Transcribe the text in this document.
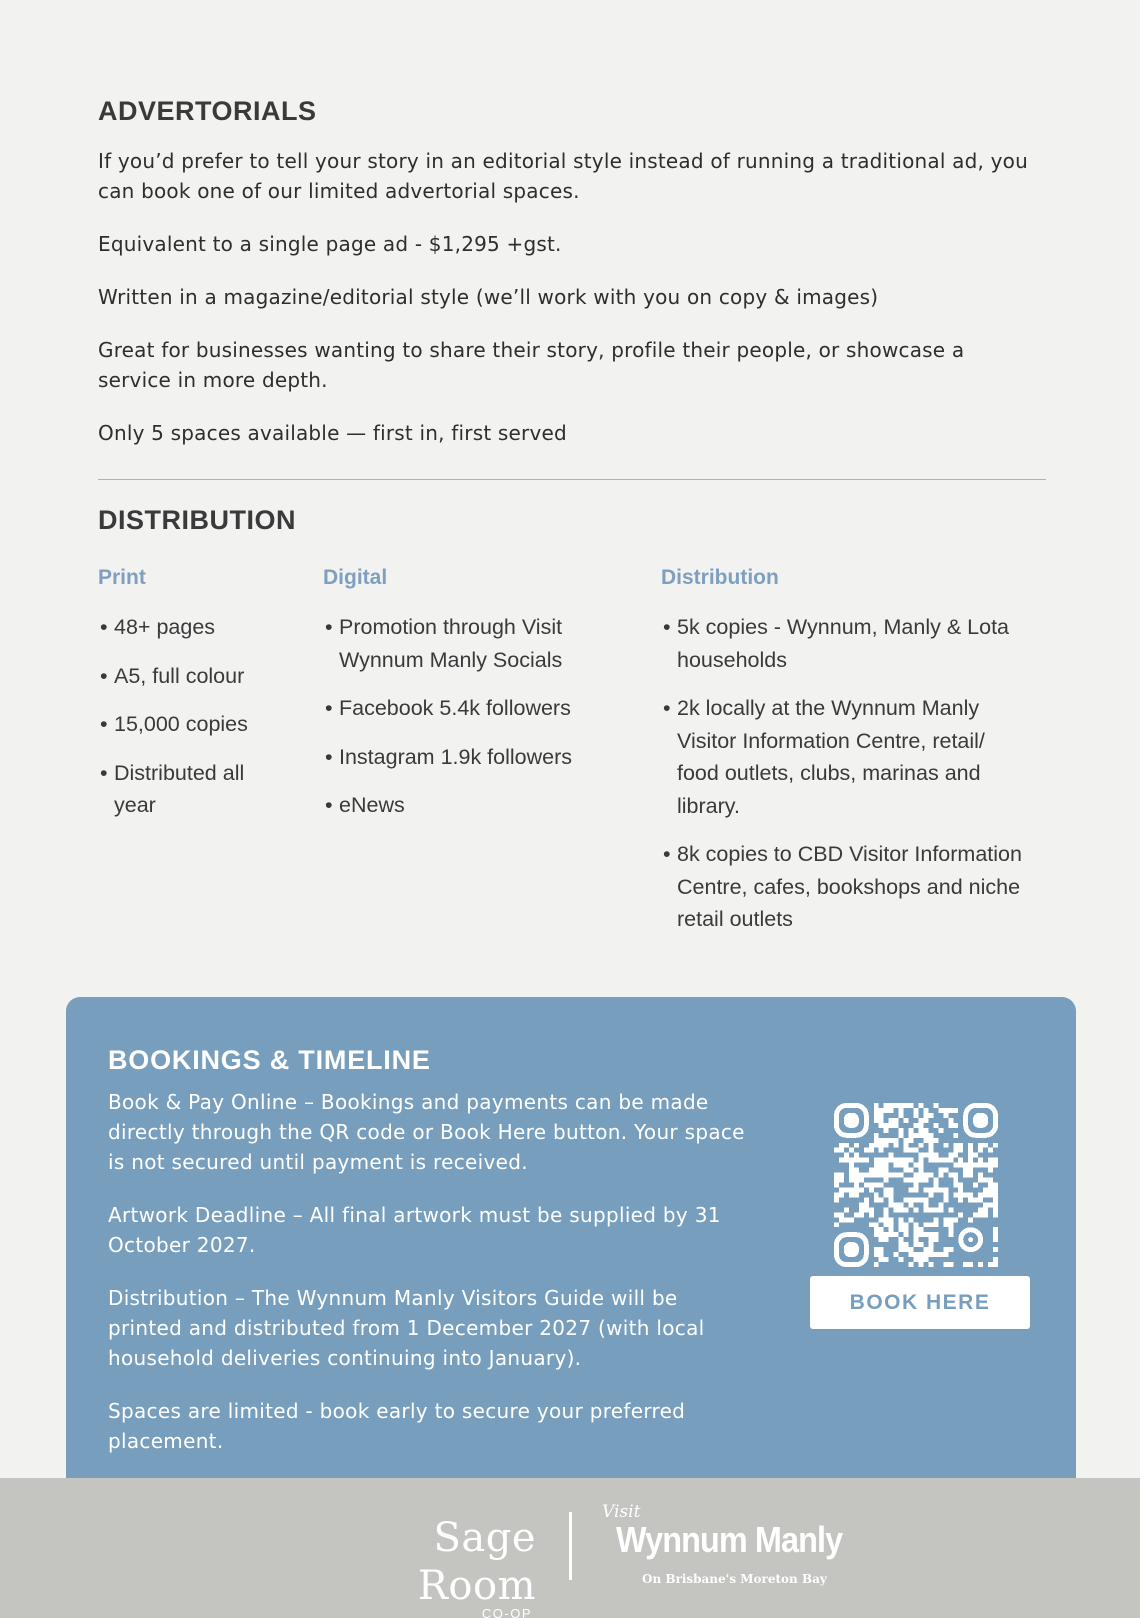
ADVERTORIALS

If you’d prefer to tell your story in an editorial style instead of running a traditional ad, you can book one of our limited advertorial spaces.

Equivalent to a single page ad - $1,295 +gst.

Written in a magazine/editorial style (we’ll work with you on copy & images)

Great for businesses wanting to share their story, profile their people, or showcase a service in more depth.

Only 5 spaces available — first in, first served

DISTRIBUTION
Print
• 48+ pages
• A5, full colour
• 15,000 copies
• Distributed all year
Digital
• Promotion through Visit Wynnum Manly Socials
• Facebook 5.4k followers
• Instagram 1.9k followers
• eNews
Distribution
• 5k copies - Wynnum, Manly & Lota households
• 2k locally at the Wynnum Manly Visitor Information Centre, retail/ food outlets, clubs, marinas and library.
• 8k copies to CBD Visitor Information Centre, cafes, bookshops and niche retail outlets
BOOKINGS & TIMELINE

Book & Pay Online – Bookings and payments can be made directly through the QR code or Book Here button. Your space is not secured until payment is received.

Artwork Deadline – All final artwork must be supplied by 31 October 2027.

Distribution – The Wynnum Manly Visitors Guide will be printed and distributed from 1 December 2027 (with local household deliveries continuing into January).

Spaces are limited - book early to secure your preferred placement.

BOOK HERE
Sage Room
CO-OP
Visit
Wynnum Manly
On Brisbane's Moreton Bay
